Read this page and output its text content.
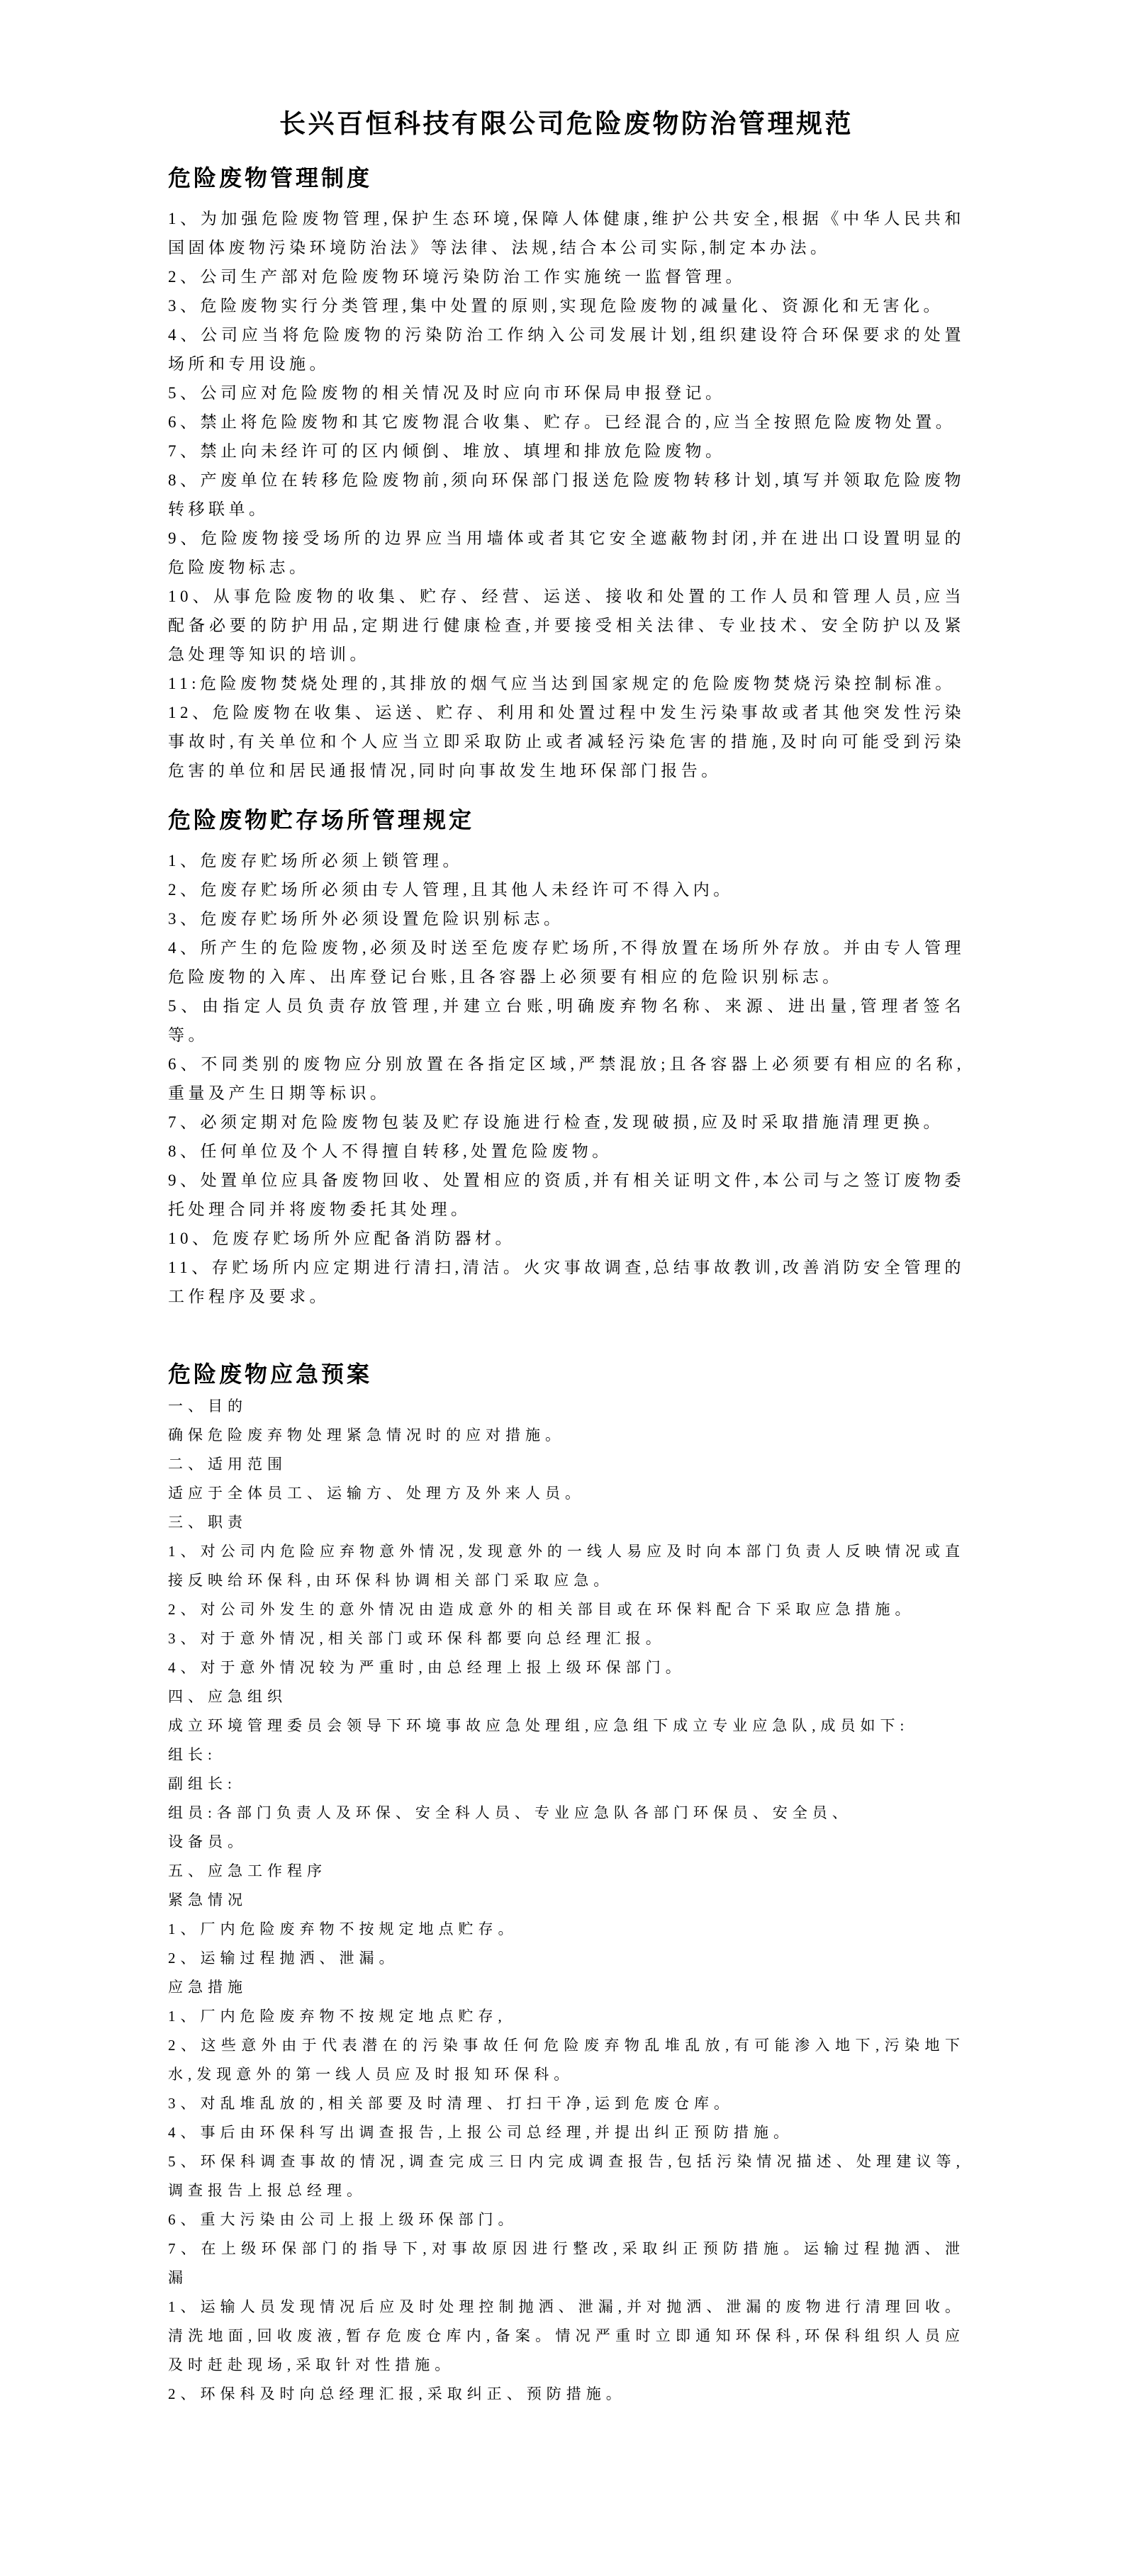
长兴百恒科技有限公司危险废物防治管理规范
危险废物管理制度

1、为加强危险废物管理,保护生态环境,保障人体健康,维护公共安全,根据《中华人民共和国固体废物污染环境防治法》等法律、法规,结合本公司实际,制定本办法。

2、公司生产部对危险废物环境污染防治工作实施统一监督管理。

3、危险废物实行分类管理,集中处置的原则,实现危险废物的减量化、资源化和无害化。

4、公司应当将危险废物的污染防治工作纳入公司发展计划,组织建设符合环保要求的处置场所和专用设施。

5、公司应对危险废物的相关情况及时应向市环保局申报登记。

6、禁止将危险废物和其它废物混合收集、贮存。已经混合的,应当全按照危险废物处置。

7、禁止向未经许可的区内倾倒、堆放、填埋和排放危险废物。

8、产废单位在转移危险废物前,须向环保部门报送危险废物转移计划,填写并领取危险废物转移联单。

9、危险废物接受场所的边界应当用墙体或者其它安全遮蔽物封闭,并在进出口设置明显的危险废物标志。

10、从事危险废物的收集、贮存、经营、运送、接收和处置的工作人员和管理人员,应当配备必要的防护用品,定期进行健康检查,并要接受相关法律、专业技术、安全防护以及紧急处理等知识的培训。

11:危险废物焚烧处理的,其排放的烟气应当达到国家规定的危险废物焚烧污染控制标准。

12、危险废物在收集、运送、贮存、利用和处置过程中发生污染事故或者其他突发性污染事故时,有关单位和个人应当立即采取防止或者减轻污染危害的措施,及时向可能受到污染危害的单位和居民通报情况,同时向事故发生地环保部门报告。

危险废物贮存场所管理规定

1、危废存贮场所必须上锁管理。

2、危废存贮场所必须由专人管理,且其他人未经许可不得入内。

3、危废存贮场所外必须设置危险识别标志。

4、所产生的危险废物,必须及时送至危废存贮场所,不得放置在场所外存放。并由专人管理危险废物的入库、出库登记台账,且各容器上必须要有相应的危险识别标志。

5、由指定人员负责存放管理,并建立台账,明确废弃物名称、来源、进出量,管理者签名等。

6、不同类别的废物应分别放置在各指定区域,严禁混放;且各容器上必须要有相应的名称,重量及产生日期等标识。

7、必须定期对危险废物包装及贮存设施进行检查,发现破损,应及时采取措施清理更换。

8、任何单位及个人不得擅自转移,处置危险废物。

9、处置单位应具备废物回收、处置相应的资质,并有相关证明文件,本公司与之签订废物委托处理合同并将废物委托其处理。

10、危废存贮场所外应配备消防器材。

11、存贮场所内应定期进行清扫,清洁。火灾事故调查,总结事故教训,改善消防安全管理的工作程序及要求。

危险废物应急预案

一、目的

确保危险废弃物处理紧急情况时的应对措施。

二、适用范围

适应于全体员工、运输方、处理方及外来人员。

三、职责

1、对公司内危险应弃物意外情况,发现意外的一线人易应及时向本部门负责人反映情况或直接反映给环保科,由环保科协调相关部门采取应急。

2、对公司外发生的意外情况由造成意外的相关部目或在环保料配合下采取应急措施。

3、对于意外情况,相关部门或环保科都要向总经理汇报。

4、对于意外情况较为严重时,由总经理上报上级环保部门。

四、应急组织

成立环境管理委员会领导下环境事故应急处理组,应急组下成立专业应急队,成员如下:

组长:

副组长:

组员:各部门负责人及环保、安全科人员、专业应急队各部门环保员、安全员、

设备员。

五、应急工作程序

紧急情况

1、厂内危险废弃物不按规定地点贮存。

2、运输过程抛洒、泄漏。

应急措施

1、厂内危险废弃物不按规定地点贮存,

2、这些意外由于代表潜在的污染事故任何危险废弃物乱堆乱放,有可能渗入地下,污染地下水,发现意外的第一线人员应及时报知环保科。

3、对乱堆乱放的,相关部要及时清理、打扫干净,运到危废仓库。

4、事后由环保科写出调查报告,上报公司总经理,并提出纠正预防措施。

5、环保科调查事故的情况,调查完成三日内完成调查报告,包括污染情况描述、处理建议等,调查报告上报总经理。

6、重大污染由公司上报上级环保部门。

7、在上级环保部门的指导下,对事故原因进行整改,采取纠正预防措施。运输过程抛洒、泄漏

1、运输人员发现情况后应及时处理控制抛洒、泄漏,并对抛洒、泄漏的废物进行清理回收。清洗地面,回收废液,暂存危废仓库内,备案。情况严重时立即通知环保科,环保科组织人员应及时赶赴现场,采取针对性措施。

2、环保科及时向总经理汇报,采取纠正、预防措施。
